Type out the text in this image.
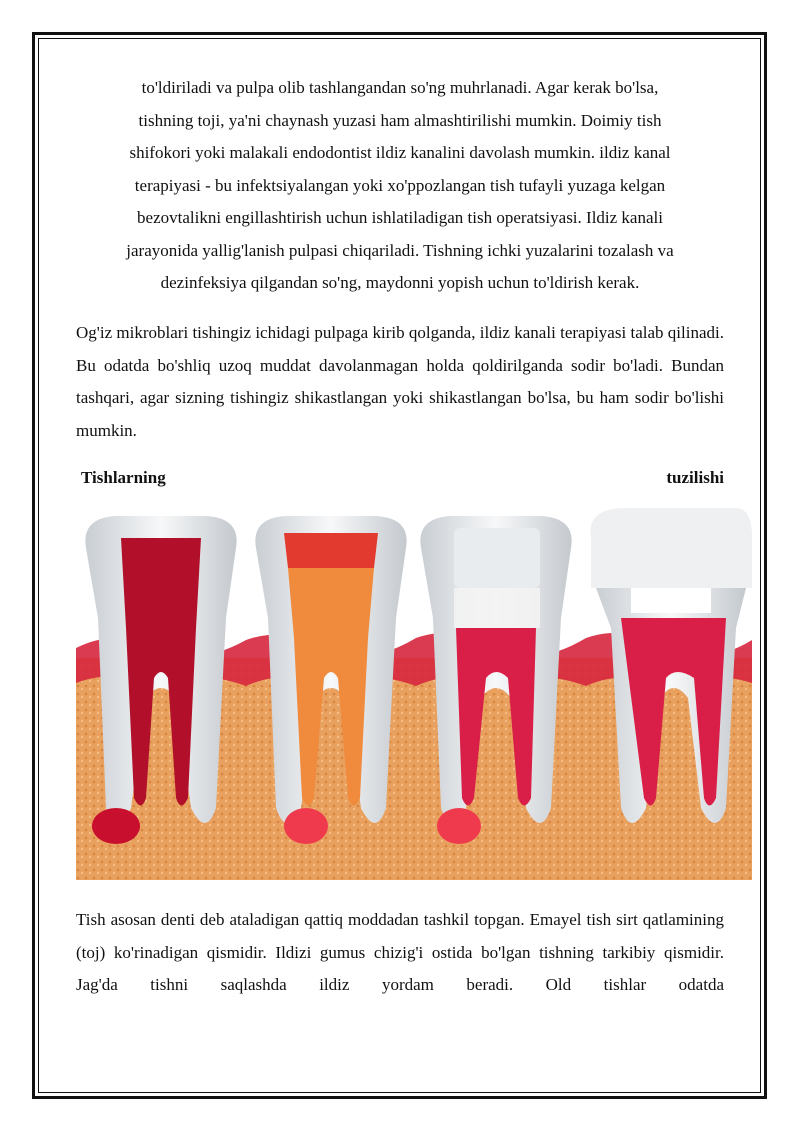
to'ldiriladi va pulpa olib tashlangandan so'ng muhrlanadi. Agar kerak bo'lsa,

tishning toji, ya'ni chaynash yuzasi ham almashtirilishi mumkin. Doimiy tish

shifokori yoki malakali endodontist ildiz kanalini davolash mumkin. ildiz kanal

terapiyasi - bu infektsiyalangan yoki xo'ppozlangan tish tufayli yuzaga kelgan

bezovtalikni engillashtirish uchun ishlatiladigan tish operatsiyasi. Ildiz kanali

jarayonida yallig'lanish pulpasi chiqariladi. Tishning ichki yuzalarini tozalash va

dezinfeksiya qilgandan so'ng, maydonni yopish uchun to'ldirish kerak.

Og'iz mikroblari tishingiz ichidagi pulpaga kirib qolganda, ildiz kanali terapiyasi talab qilinadi. Bu odatda bo'shliq uzoq muddat davolanmagan holda qoldirilganda sodir bo'ladi. Bundan tashqari, agar sizning tishingiz shikastlangan yoki shikastlangan bo'lsa, bu ham sodir bo'lishi mumkin.

Tishlarning	tuzilishi

Tish asosan denti deb ataladigan qattiq moddadan tashkil topgan. Emayel tish sirt qatlamining (toj) ko'rinadigan qismidir. Ildizi gumus chizig'i ostida bo'lgan tishning tarkibiy qismidir. Jag'da tishni saqlashda ildiz yordam beradi. Old tishlar odatda
